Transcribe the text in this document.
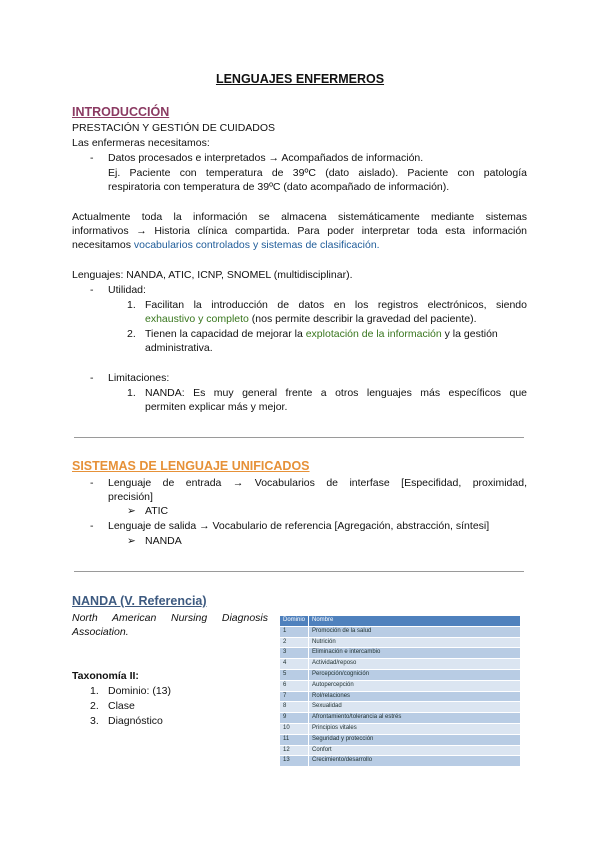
LENGUAJES ENFERMEROS
INTRODUCCIÓN
PRESTACIÓN Y GESTIÓN DE CUIDADOS
Las enfermeras necesitamos:
- Datos procesados e interpretados → Acompañados de información.
Ej. Paciente con temperatura de 39ºC (dato aislado). Paciente con patología
respiratoria con temperatura de 39ºC (dato acompañado de información).
Actualmente toda la información se almacena sistemáticamente mediante sistemas
informativos → Historia clínica compartida. Para poder interpretar toda esta información
necesitamos vocabularios controlados y sistemas de clasificación.
Lenguajes: NANDA, ATIC, ICNP, SNOMEL (multidisciplinar).
- Utilidad:
1. Facilitan la introducción de datos en los registros electrónicos, siendo
exhaustivo y completo (nos permite describir la gravedad del paciente).
2. Tienen la capacidad de mejorar la explotación de la información y la gestión
administrativa.
- Limitaciones:
1. NANDA: Es muy general frente a otros lenguajes más específicos que
permiten explicar más y mejor.
SISTEMAS DE LENGUAJE UNIFICADOS
- Lenguaje de entrada → Vocabularios de interfase [Especifidad, proximidad,
precisión]
➢ ATIC
- Lenguaje de salida → Vocabulario de referencia [Agregación, abstracción, síntesi]
➢ NANDA
NANDA (V. Referencia)
North American Nursing Diagnosis
Association.
Taxonomía II:
1. Dominio: (13)
2. Clase
3. Diagnóstico
Dominio	Nombre
1	Promoción de la salud
2	Nutrición
3	Eliminación e intercambio
4	Actividad/reposo
5	Percepción/cognición
6	Autopercepción
7	Rol/relaciones
8	Sexualidad
9	Afrontamiento/tolerancia al estrés
10	Principios vitales
11	Seguridad y protección
12	Confort
13	Crecimiento/desarrollo
